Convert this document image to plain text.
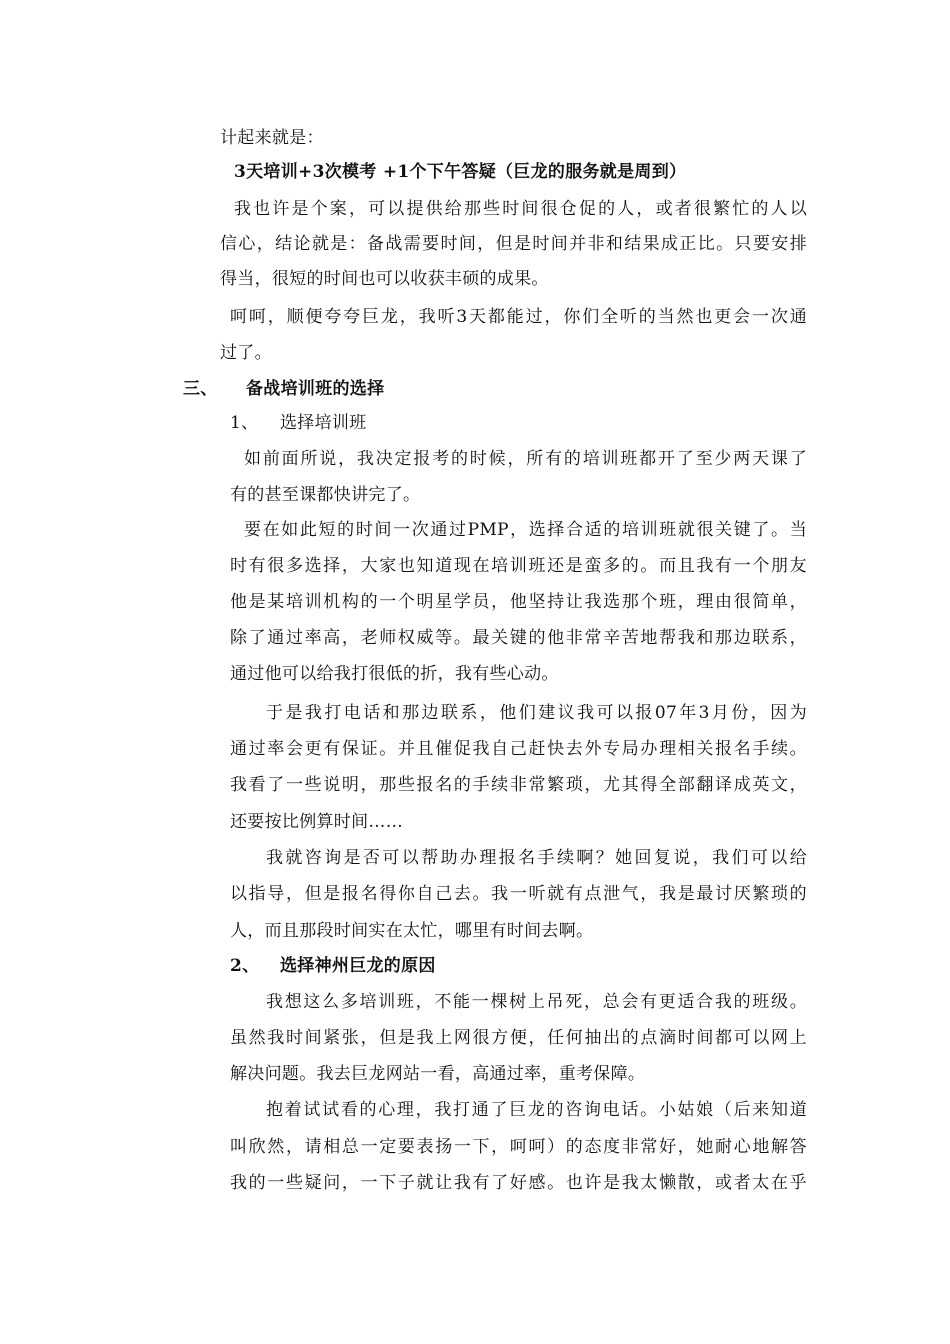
计起来就是：
3天培训+3次模考 +1个下午答疑（巨龙的服务就是周到）
我也许是个案，可以提供给那些时间很仓促的人，或者很繁忙的人以
信心，结论就是：备战需要时间，但是时间并非和结果成正比。只要安排
得当，很短的时间也可以收获丰硕的成果。
呵呵，顺便夸夸巨龙，我听3天都能过，你们全听的当然也更会一次通
过了。
三、 备战培训班的选择
1、 选择培训班
如前面所说，我决定报考的时候，所有的培训班都开了至少两天课了
有的甚至课都快讲完了。
要在如此短的时间一次通过PMP，选择合适的培训班就很关键了。当
时有很多选择，大家也知道现在培训班还是蛮多的。而且我有一个朋友
他是某培训机构的一个明星学员，他坚持让我选那个班，理由很简单，
除了通过率高，老师权威等。最关键的他非常辛苦地帮我和那边联系，
通过他可以给我打很低的折，我有些心动。
于是我打电话和那边联系，他们建议我可以报07年3月份，因为
通过率会更有保证。并且催促我自己赶快去外专局办理相关报名手续。
我看了一些说明，那些报名的手续非常繁琐，尤其得全部翻译成英文，
还要按比例算时间……
我就咨询是否可以帮助办理报名手续啊？她回复说，我们可以给
以指导，但是报名得你自己去。我一听就有点泄气，我是最讨厌繁琐的
人，而且那段时间实在太忙，哪里有时间去啊。
2、 选择神州巨龙的原因
我想这么多培训班，不能一棵树上吊死，总会有更适合我的班级。
虽然我时间紧张，但是我上网很方便，任何抽出的点滴时间都可以网上
解决问题。我去巨龙网站一看，高通过率，重考保障。
抱着试试看的心理，我打通了巨龙的咨询电话。小姑娘（后来知道
叫欣然，请相总一定要表扬一下，呵呵）的态度非常好，她耐心地解答
我的一些疑问，一下子就让我有了好感。也许是我太懒散，或者太在乎
